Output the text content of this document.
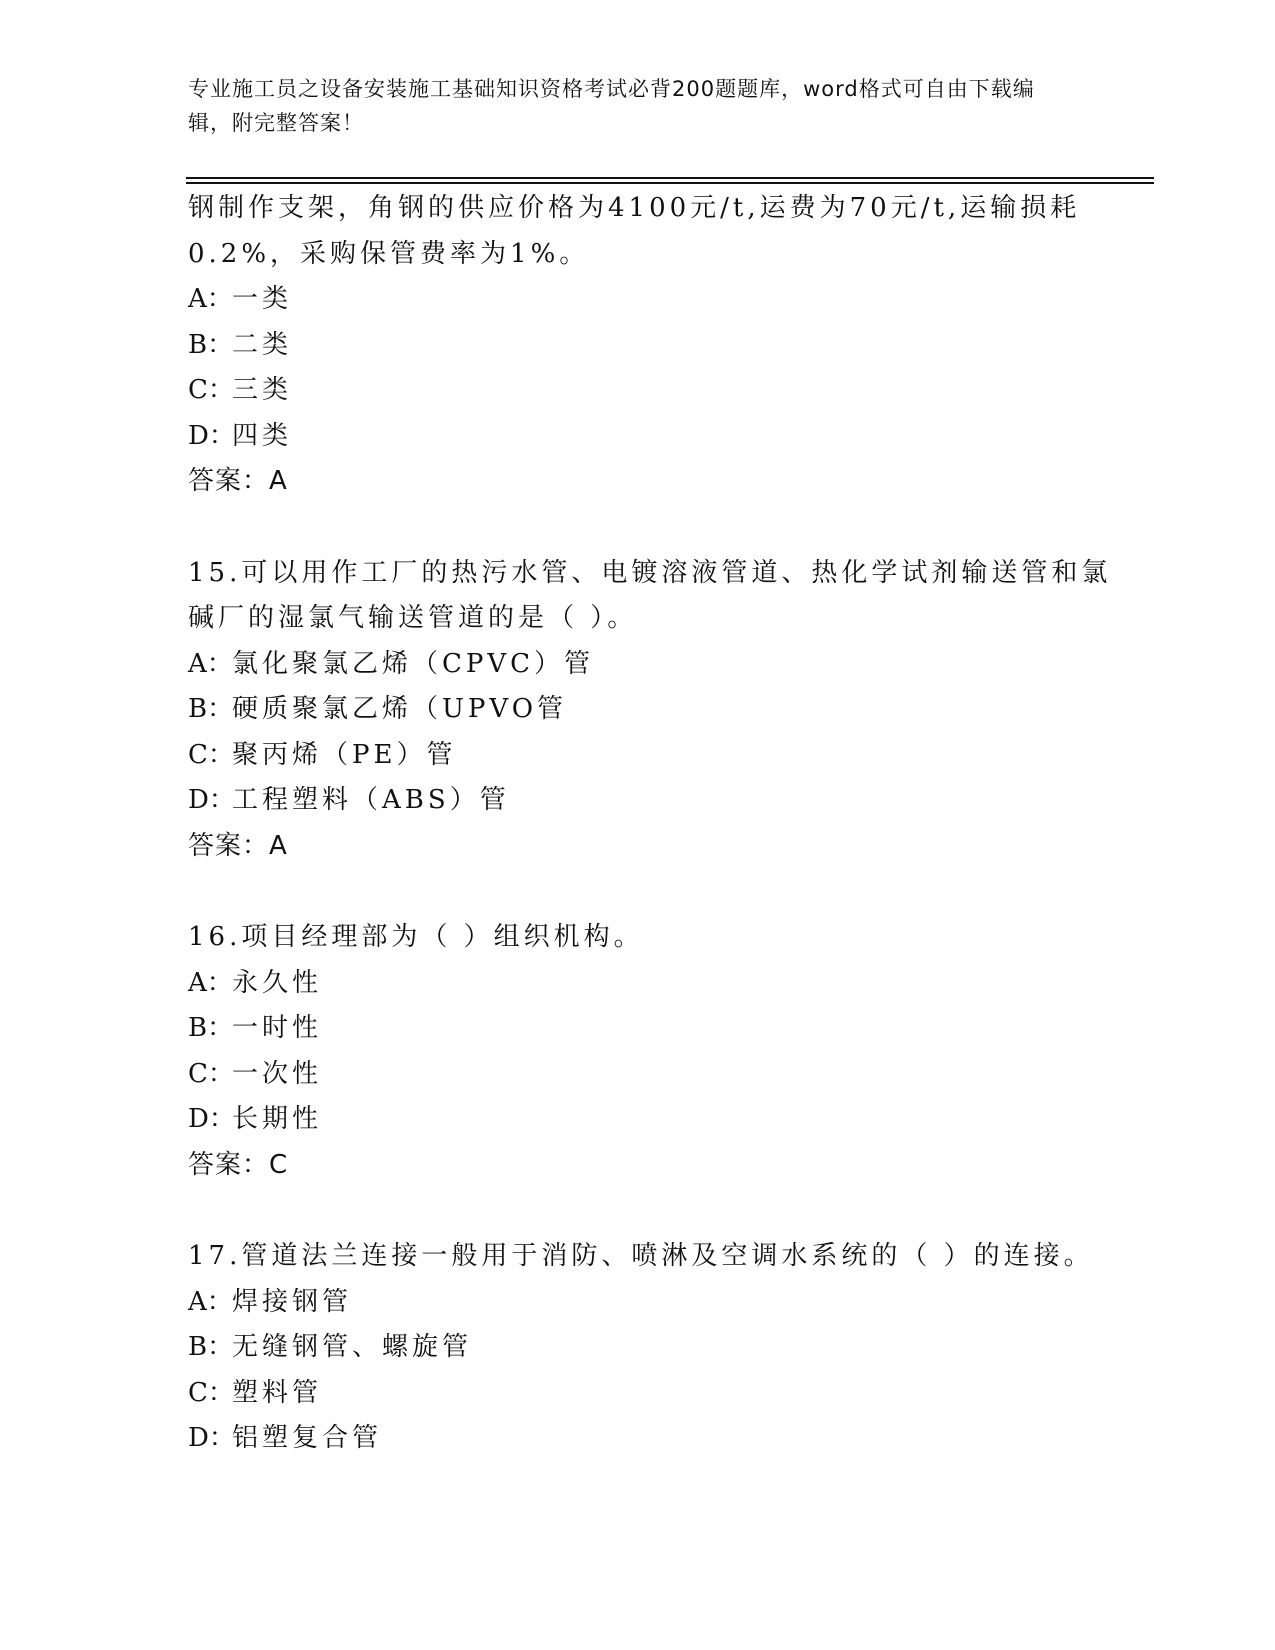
专业施工员之设备安装施工基础知识资格考试必背200题题库，word格式可自由下载编辑，附完整答案！
钢制作支架，角钢的供应价格为4100元/t,运费为70元/t,运输损耗
0.2%，采购保管费率为1%。
A：一类
B：二类
C：三类
D：四类
答案：A
15.可以用作工厂的热污水管、电镀溶液管道、热化学试剂输送管和氯
碱厂的湿氯气输送管道的是（ ）。
A：氯化聚氯乙烯（CPVC）管
B：硬质聚氯乙烯（UPVO管
C：聚丙烯（PE）管
D：工程塑料（ABS）管
答案：A
16.项目经理部为（ ）组织机构。
A：永久性
B：一时性
C：一次性
D：长期性
答案：C
17.管道法兰连接一般用于消防、喷淋及空调水系统的（ ）的连接。
A：焊接钢管
B：无缝钢管、螺旋管
C：塑料管
D：铝塑复合管
